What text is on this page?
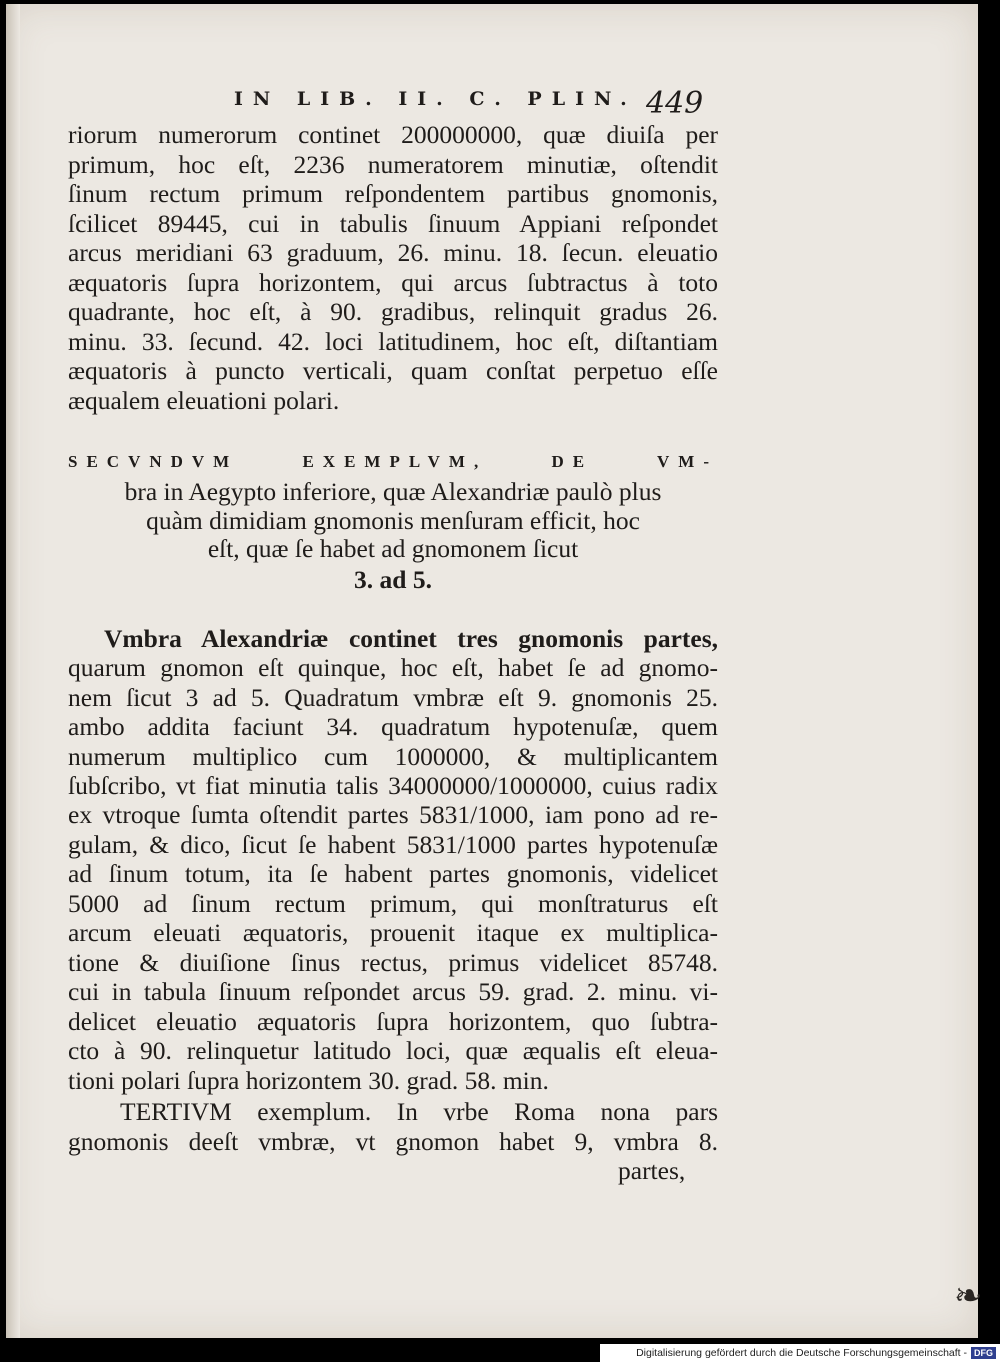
IN LIB. II. C. PLIN. 449
riorum numerorum continet 200000000, quæ diuiſa per
primum, hoc eſt, 2236 numeratorem minutiæ, oſtendit
ſinum rectum primum reſpondentem partibus gnomonis,
ſcilicet 89445, cui in tabulis ſinuum Appiani reſpondet
arcus meridiani 63 graduum, 26. minu. 18. ſecun. eleuatio
æquatoris ſupra horizontem, qui arcus ſubtractus à toto
quadrante, hoc eſt, à 90. gradibus, relinquit gradus 26.
minu. 33. ſecund. 42. loci latitudinem, hoc eſt, diſtantiam
æquatoris à puncto verticali, quam conſtat perpetuo eſſe
æqualem eleuationi polari.
SECVNDVM EXEMPLVM, DE VM-
bra in Aegypto inferiore, quæ Alexandriæ paulò plus
quàm dimidiam gnomonis menſuram efficit, hoc
eſt, quæ ſe habet ad gnomonem ſicut
3. ad 5.
Vmbra Alexandriæ continet tres gnomonis partes,
quarum gnomon eſt quinque, hoc eſt, habet ſe ad gnomo-
nem ſicut 3 ad 5. Quadratum vmbræ eſt 9. gnomonis 25.
ambo addita faciunt 34. quadratum hypotenuſæ, quem
numerum multiplico cum 1000000, & multiplicantem
ſubſcribo, vt fiat minutia talis 34000000/1000000, cuius radix
ex vtroque ſumta oſtendit partes 5831/1000, iam pono ad re-
gulam, & dico, ſicut ſe habent 5831/1000 partes hypotenuſæ
ad ſinum totum, ita ſe habent partes gnomonis, videlicet
5000 ad ſinum rectum primum, qui monſtraturus eſt
arcum eleuati æquatoris, prouenit itaque ex multiplica-
tione & diuiſione ſinus rectus, primus videlicet 85748.
cui in tabula ſinuum reſpondet arcus 59. grad. 2. minu. vi-
delicet eleuatio æquatoris ſupra horizontem, quo ſubtra-
cto à 90. relinquetur latitudo loci, quæ æqualis eſt eleua-
tioni polari ſupra horizontem 30. grad. 58. min.
TERTIVM exemplum. In vrbe Roma nona pars
gnomonis deeſt vmbræ, vt gnomon habet 9, vmbra 8.
partes,
❧
Digitalisierung gefördert durch die Deutsche Forschungsgemeinschaft - DFG
